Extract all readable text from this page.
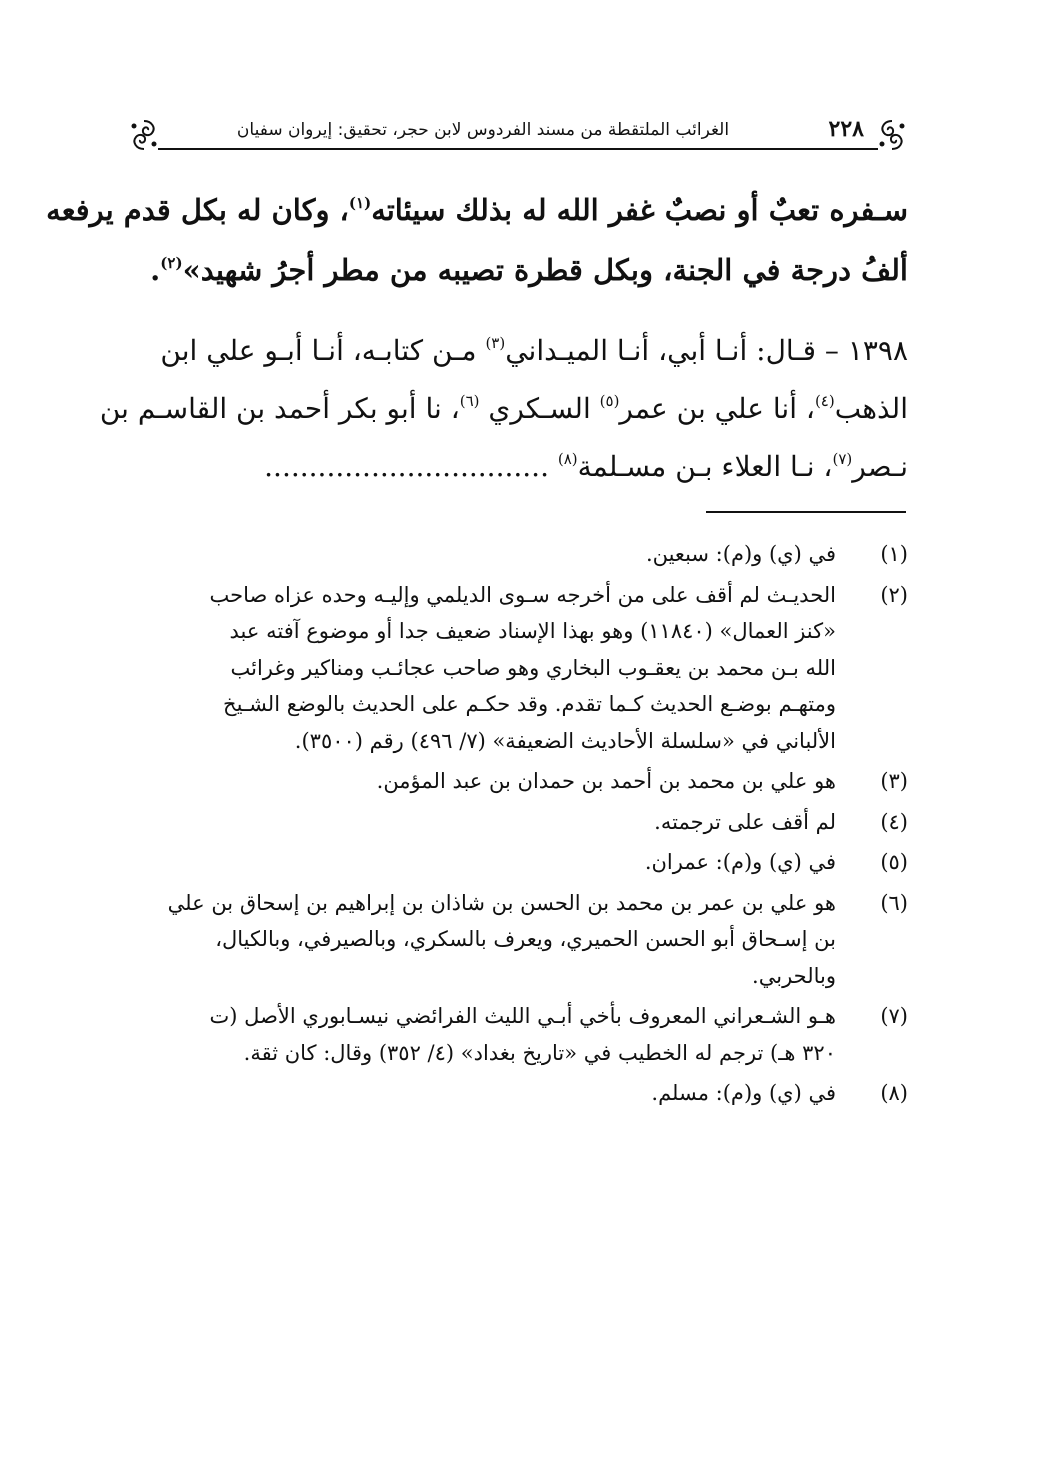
٢٢٨
الغرائب الملتقطة من مسند الفردوس لابن حجر، تحقيق: إيروان سفيان
سـفره تعبٌ أو نصبٌ غفر الله له بذلك سيئاته$^{(١)}$، وكان له بكل قدم يرفعه
ألفُ درجة في الجنة، وبكل قطرة تصيبه من مطر أجرُ شهيد»$^{(٢)}$.
١٣٩٨ – قـال: أنـا أبي، أنـا الميـداني$^{(٣)}$ مـن كتابـه، أنـا أبـو علي ابن
الذهب$^{(٤)}$، أنا علي بن عمر$^{(٥)}$ السـكري $^{(٦)}$، نا أبو بكر أحمد بن القاسـم بن
نـصر$^{(٧)}$، نـا العلاء بـن مسـلمة$^{(٨)}$ ................................
(١)
في (ي) و(م): سبعين.
(٢)
الحديـث لم أقف على من أخرجه سـوى الديلمي وإليـه وحده عزاه صاحب
«كنز العمال» (١١٨٤٠) وهو بهذا الإسناد ضعيف جدا أو موضوع آفته عبد
الله بـن محمد بن يعقـوب البخاري وهو صاحب عجائـب ومناكير وغرائب
ومتهـم بوضـع الحديث كـما تقدم. وقد حكـم على الحديث بالوضع الشـيخ
الألباني في «سلسلة الأحاديث الضعيفة» (٧/ ٤٩٦) رقم (٣٥٠٠).
(٣)
هو علي بن محمد بن أحمد بن حمدان بن عبد المؤمن.
(٤)
لم أقف على ترجمته.
(٥)
في (ي) و(م): عمران.
(٦)
هو علي بن عمر بن محمد بن الحسن بن شاذان بن إبراهيم بن إسحاق بن علي
بن إسـحاق أبو الحسن الحميري، ويعرف بالسكري، وبالصيرفي، وبالكيال،
وبالحربي.
(٧)
هـو الشـعراني المعروف بأخي أبـي الليث الفرائضي نيسـابوري الأصل (ت
٣٢٠ هـ) ترجم له الخطيب في «تاريخ بغداد» (٤/ ٣٥٢) وقال: كان ثقة.
(٨)
في (ي) و(م): مسلم.
